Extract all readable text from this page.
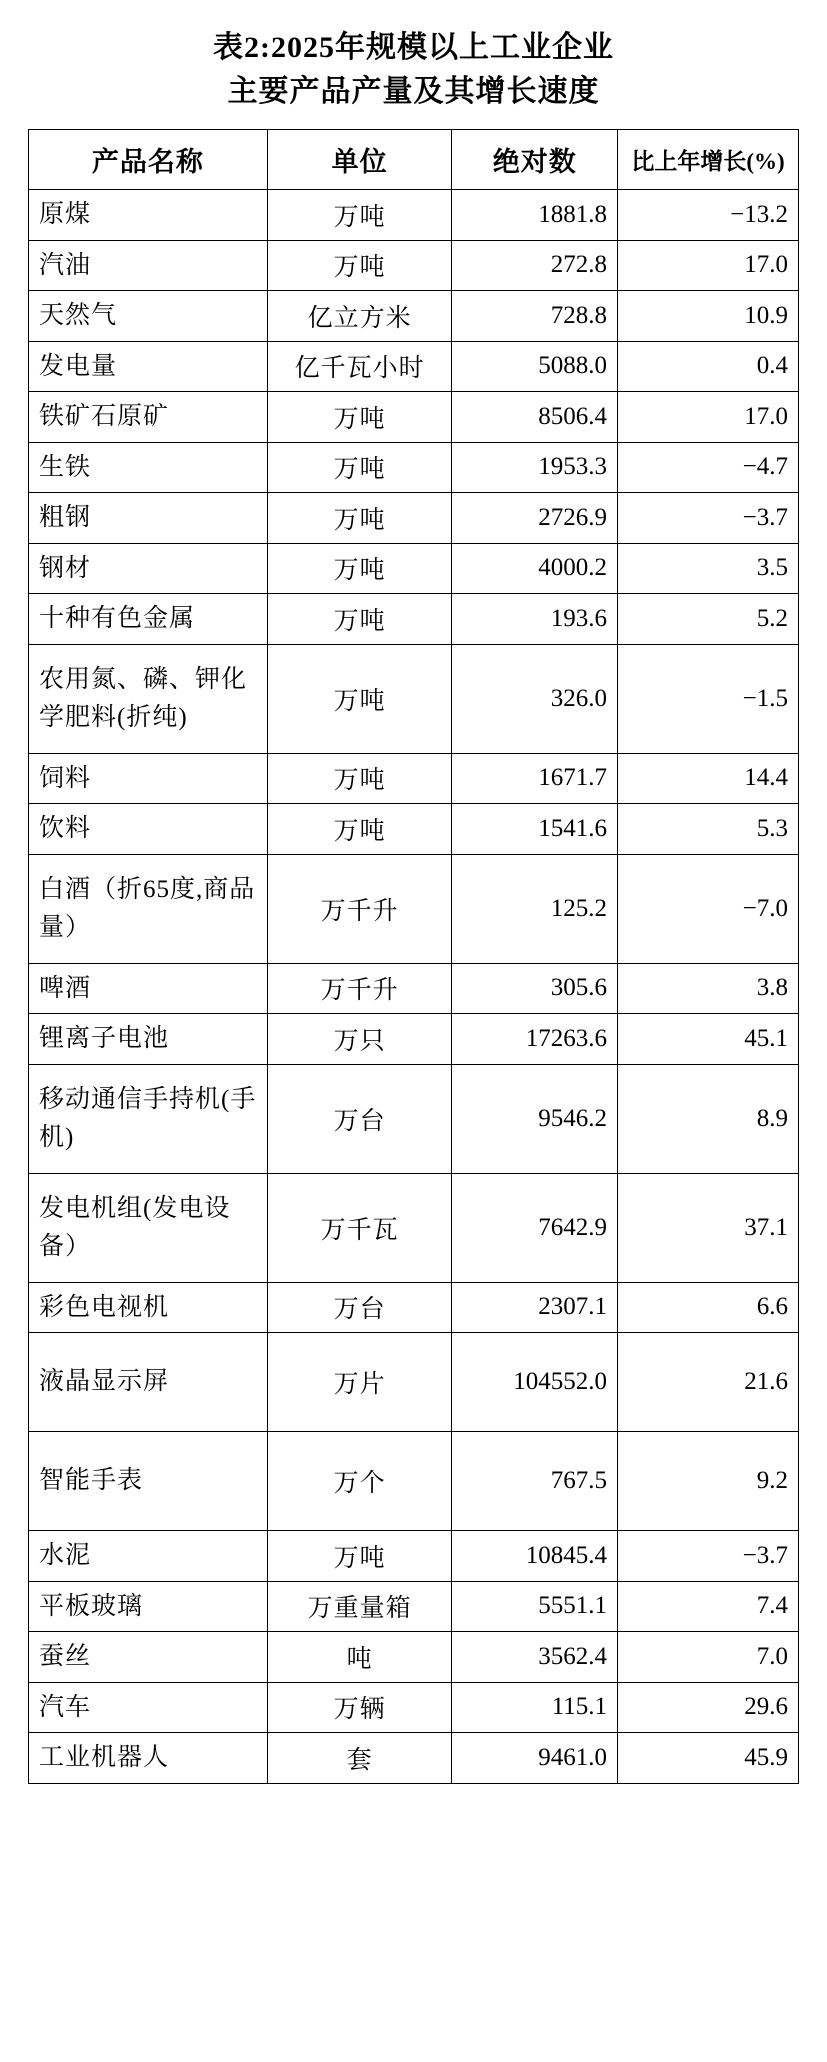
表2:2025年规模以上工业企业
主要产品产量及其增长速度
产品名称	单位	绝对数	比上年增长(%)
原煤	万吨	1881.8	−13.2
汽油	万吨	272.8	17.0
天然气	亿立方米	728.8	10.9
发电量	亿千瓦小时	5088.0	0.4
铁矿石原矿	万吨	8506.4	17.0
生铁	万吨	1953.3	−4.7
粗钢	万吨	2726.9	−3.7
钢材	万吨	4000.2	3.5
十种有色金属	万吨	193.6	5.2
农用氮、磷、钾化学肥料(折纯)	万吨	326.0	−1.5
饲料	万吨	1671.7	14.4
饮料	万吨	1541.6	5.3
白酒（折65度,商品量）	万千升	125.2	−7.0
啤酒	万千升	305.6	3.8
锂离子电池	万只	17263.6	45.1
移动通信手持机(手机)	万台	9546.2	8.9
发电机组(发电设备）	万千瓦	7642.9	37.1
彩色电视机	万台	2307.1	6.6
液晶显示屏	万片	104552.0	21.6
智能手表	万个	767.5	9.2
水泥	万吨	10845.4	−3.7
平板玻璃	万重量箱	5551.1	7.4
蚕丝	吨	3562.4	7.0
汽车	万辆	115.1	29.6
工业机器人	套	9461.0	45.9
